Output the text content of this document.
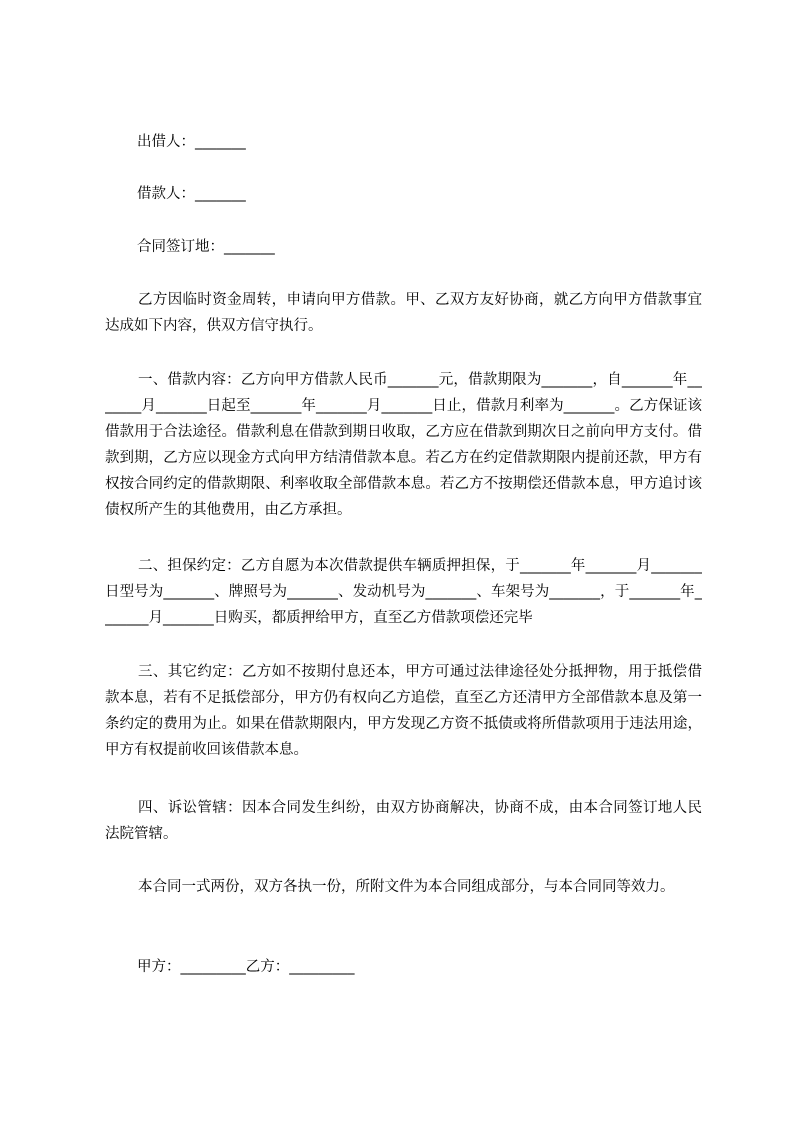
出借人：_______
借款人：_______
合同签订地：_______
乙方因临时资金周转，申请向甲方借款。甲、乙双方友好协商，就乙方向甲方借款事宜达成如下内容，供双方信守执行。
一、借款内容：乙方向甲方借款人民币_______元，借款期限为_______，自_______年_______月_______日起至_______年_______月_______日止，借款月利率为_______。乙方保证该借款用于合法途径。借款利息在借款到期日收取，乙方应在借款到期次日之前向甲方支付。借款到期，乙方应以现金方式向甲方结清借款本息。若乙方在约定借款期限内提前还款，甲方有权按合同约定的借款期限、利率收取全部借款本息。若乙方不按期偿还借款本息，甲方追讨该债权所产生的其他费用，由乙方承担。
二、担保约定：乙方自愿为本次借款提供车辆质押担保，于_______年_______月_______日型号为_______、牌照号为_______、发动机号为_______、车架号为_______，于_______年_______月_______日购买，都质押给甲方，直至乙方借款项偿还完毕
三、其它约定：乙方如不按期付息还本，甲方可通过法律途径处分抵押物，用于抵偿借款本息，若有不足抵偿部分，甲方仍有权向乙方追偿，直至乙方还清甲方全部借款本息及第一条约定的费用为止。如果在借款期限内，甲方发现乙方资不抵债或将所借款项用于违法用途，甲方有权提前收回该借款本息。
四、诉讼管辖：因本合同发生纠纷，由双方协商解决，协商不成，由本合同签订地人民法院管辖。
本合同一式两份，双方各执一份，所附文件为本合同组成部分，与本合同同等效力。
甲方：_________乙方：_________
